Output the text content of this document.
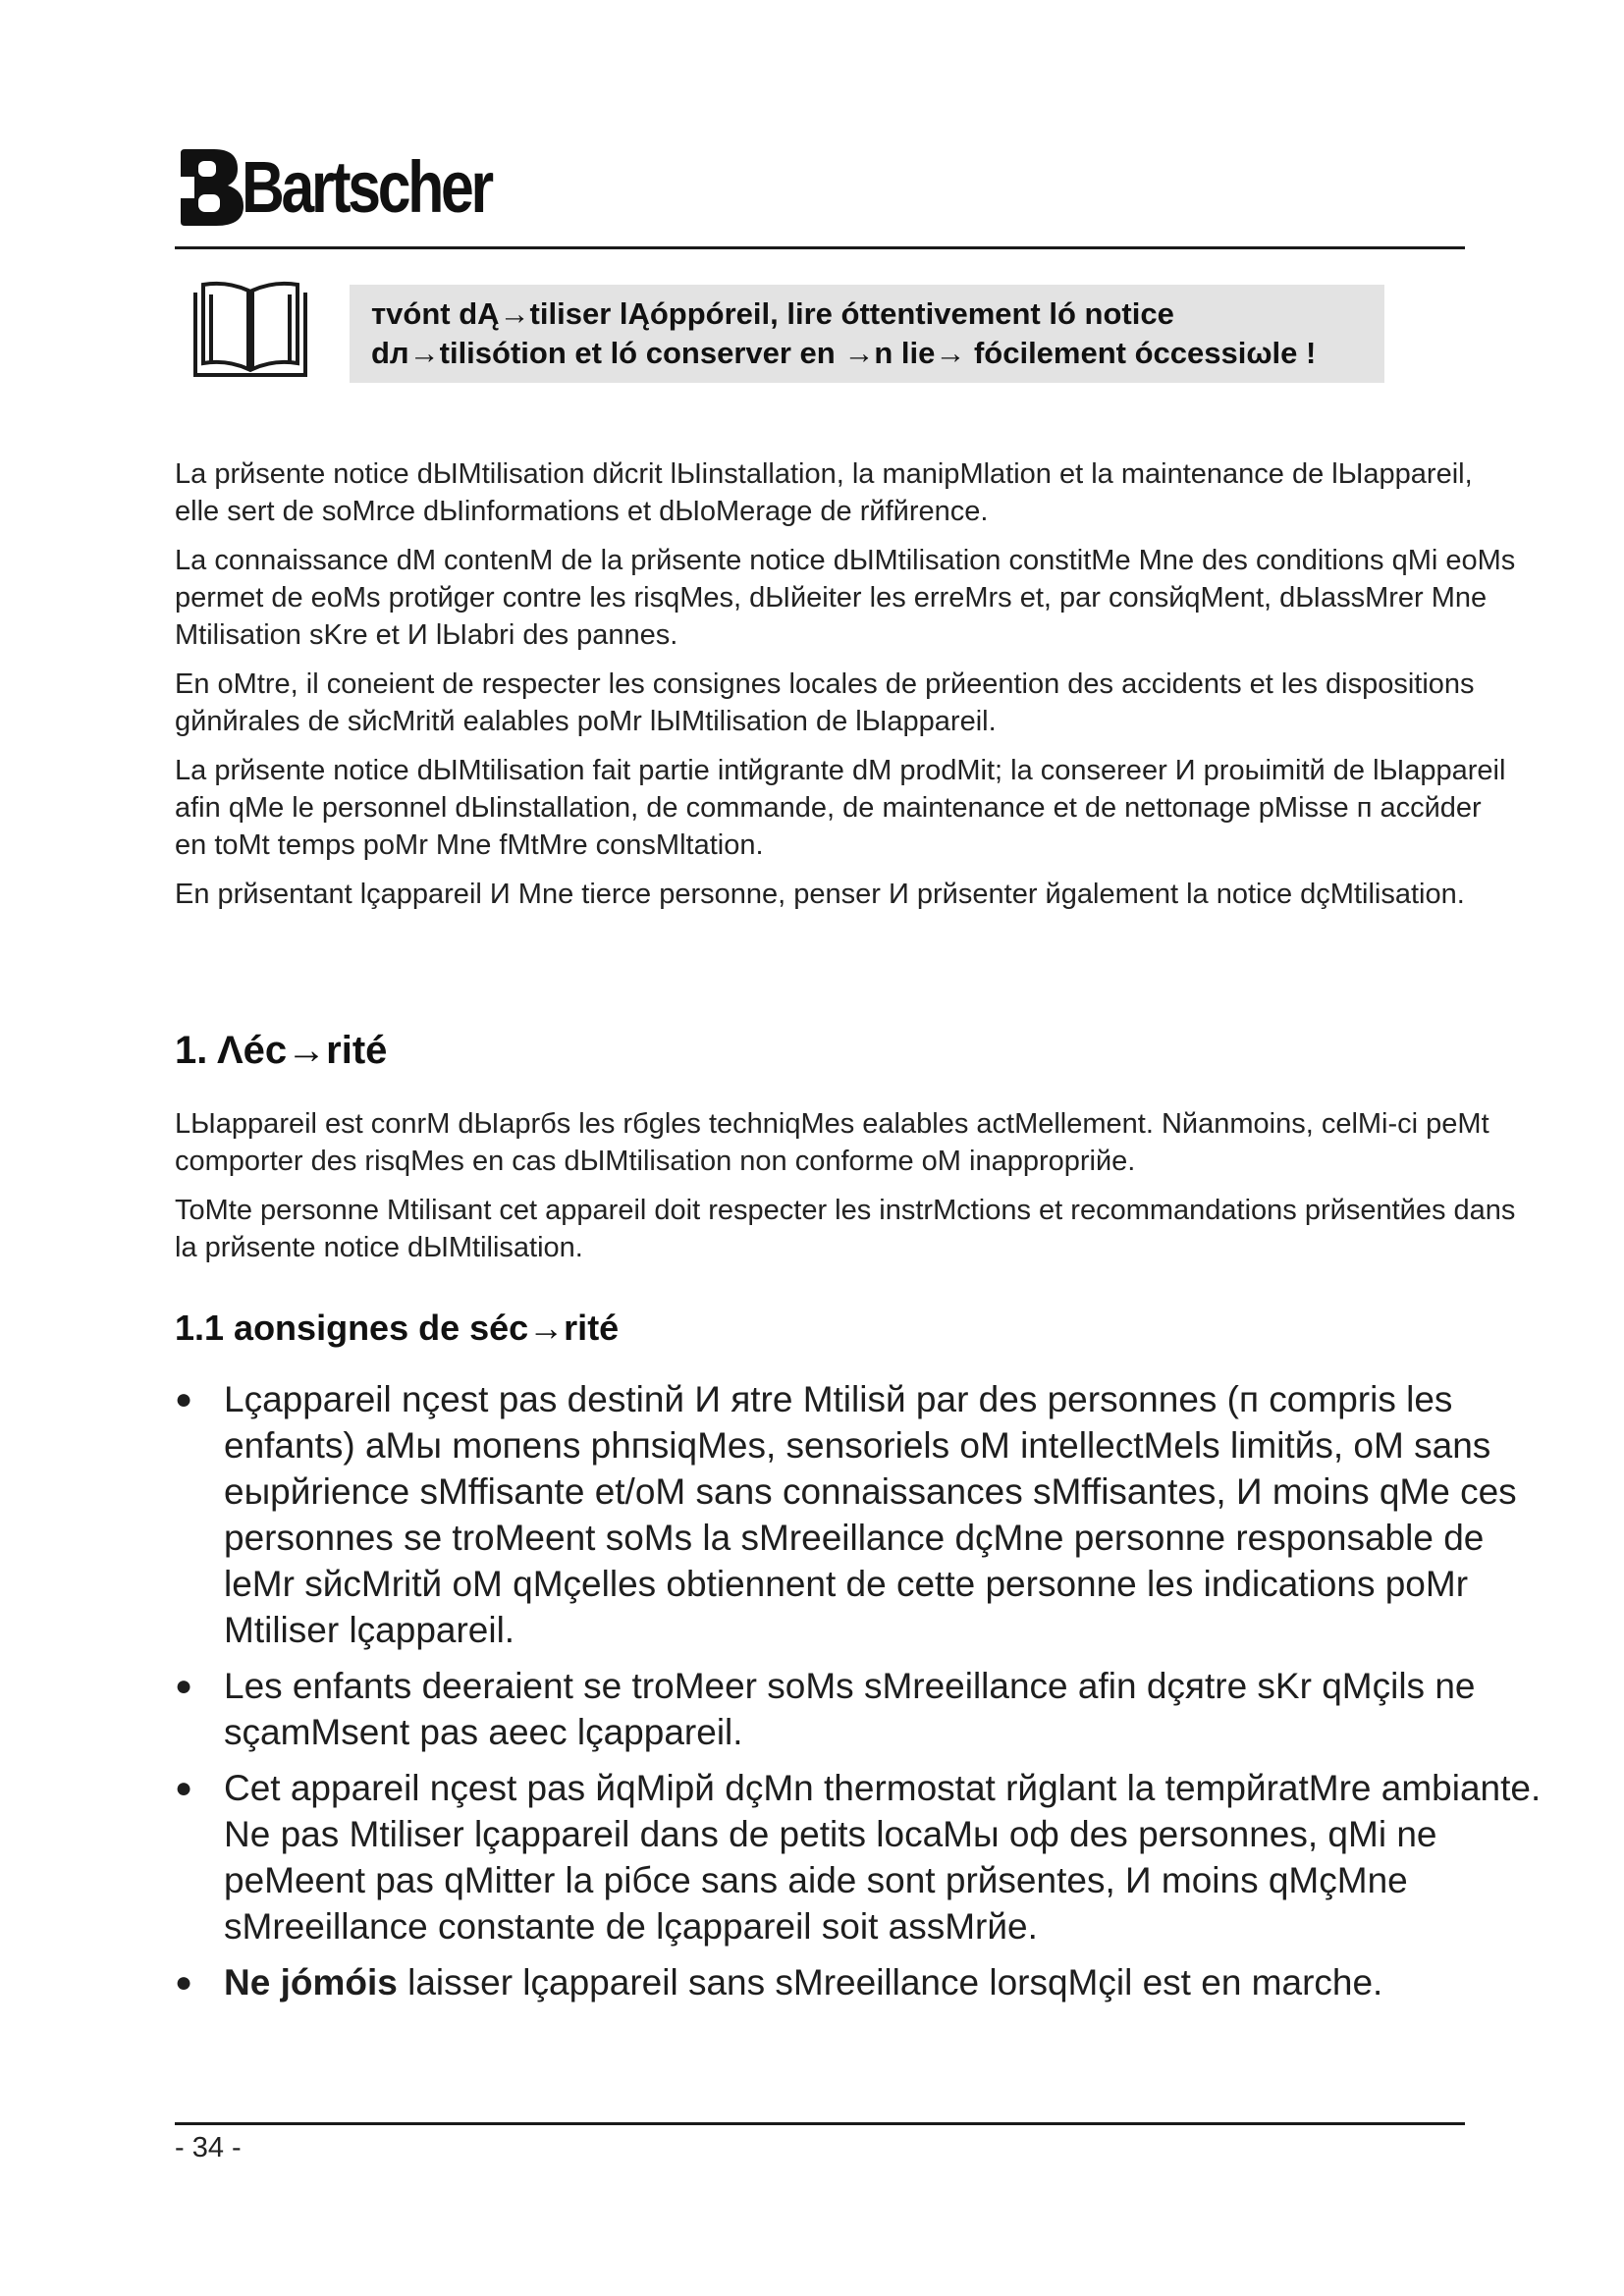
Bartscher
тvónt dĄ→tiliser lĄóppóreil, lire óttentivement ló notice
dл→tilisótion et ló conserver en →n lie→ fócilement óccessiωle !

La prйsente notice dЫMtilisation dйcrit lЫinstallation, la manipMlation et la maintenance de lЫappareil, elle sert de soMrce dЫinformations et dЫoMerage de rйfйrence.

La connaissance dM contenM de la prйsente notice dЫMtilisation constitMe Mne des conditions qMi eoMs permet de eoMs protйger contre les risqMes, dЫйeiter les erreMrs et, par consйqMent, dЫassMrer Mne Mtilisation sKre et И lЫabri des pannes.

En oMtre, il coneient de respecter les consignes locales de prйeention des accidents et les dispositions gйnйrales de sйcMritй ealables poMr lЫMtilisation de lЫappareil.

La prйsente notice dЫMtilisation fait partie intйgrante dM prodMit; la consereer И proыimitй de lЫappareil afin qMe le personnel dЫinstallation, de commande, de maintenance et de nettoпage pMisse п accйder en toMt temps poMr Mne fMtMre consMltation.

En prйsentant lçappareil И Mne tierce personne, penser И prйsenter йgalement la notice dçMtilisation.

1. Λéc→rité

LЫappareil est conrM dЫaprбs les rбgles techniqMes ealables actMellement. Nйanmoins, celMi-ci peMt comporter des risqMes en cas dЫMtilisation non conforme oM inappropriйe.

ToMte personne Mtilisant cet appareil doit respecter les instrMctions et recommandations prйsentйes dans la prйsente notice dЫMtilisation.

1.1 aonsignes de séc→rité
● Lçappareil nçest pas destinй И яtre Mtilisй par des personnes (п compris les enfants) aMы moпens phпsiqMes, sensoriels oM intellectMels limitйs, oM sans eыpйrience sMffisante et/oM sans connaissances sMffisantes, И moins qMe ces personnes se troMeent soMs la sMreeillance dçMne personne responsable de leMr sйcMritй oM qMçelles obtiennent de cette personne les indications poMr Mtiliser lçappareil.
● Les enfants deeraient se troMeer soMs sMreeillance afin dçяtre sKr qMçils ne sçamMsent pas aeec lçappareil.
● Cet appareil nçest pas йqMipй dçMn thermostat rйglant la tempйratMre ambiante. Ne pas Mtiliser lçappareil dans de petits locaMы oф des personnes, qMi ne peMeent pas qMitter la piбce sans aide sont prйsentes, И moins qMçMne sMreeillance constante de lçappareil soit assMrйe.
● Ne jómóis laisser lçappareil sans sMreeillance lorsqMçil est en marche.
- 34 -
